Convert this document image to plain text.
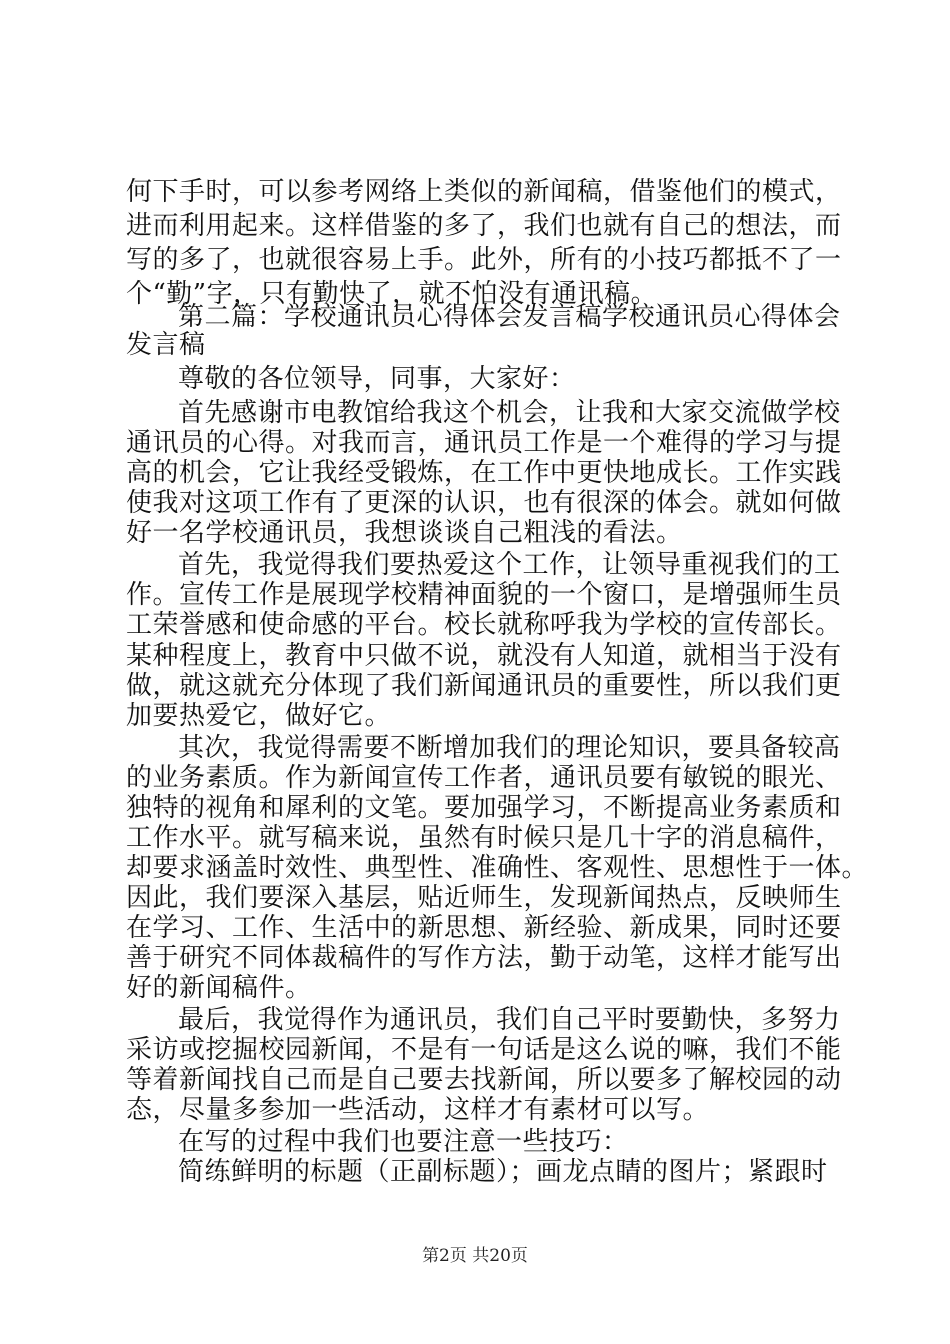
何下手时，可以参考网络上类似的新闻稿，借鉴他们的模式，
进而利用起来。这样借鉴的多了，我们也就有自己的想法，而
写的多了，也就很容易上手。此外，所有的小技巧都抵不了一
个“勤”字，只有勤快了，就不怕没有通讯稿。
第二篇：学校通讯员心得体会发言稿学校通讯员心得体会
发言稿
尊敬的各位领导，同事，大家好：
首先感谢市电教馆给我这个机会，让我和大家交流做学校
通讯员的心得。对我而言，通讯员工作是一个难得的学习与提
高的机会，它让我经受锻炼，在工作中更快地成长。工作实践
使我对这项工作有了更深的认识，也有很深的体会。就如何做
好一名学校通讯员，我想谈谈自己粗浅的看法。
首先，我觉得我们要热爱这个工作，让领导重视我们的工
作。宣传工作是展现学校精神面貌的一个窗口，是增强师生员
工荣誉感和使命感的平台。校长就称呼我为学校的宣传部长。
某种程度上，教育中只做不说，就没有人知道，就相当于没有
做，就这就充分体现了我们新闻通讯员的重要性，所以我们更
加要热爱它，做好它。
其次，我觉得需要不断增加我们的理论知识，要具备较高
的业务素质。作为新闻宣传工作者，通讯员要有敏锐的眼光、
独特的视角和犀利的文笔。要加强学习，不断提高业务素质和
工作水平。就写稿来说，虽然有时候只是几十字的消息稿件，
却要求涵盖时效性、典型性、准确性、客观性、思想性于一体。
因此，我们要深入基层，贴近师生，发现新闻热点，反映师生
在学习、工作、生活中的新思想、新经验、新成果，同时还要
善于研究不同体裁稿件的写作方法，勤于动笔，这样才能写出
好的新闻稿件。
最后，我觉得作为通讯员，我们自己平时要勤快，多努力
采访或挖掘校园新闻，不是有一句话是这么说的嘛，我们不能
等着新闻找自己而是自己要去找新闻，所以要多了解校园的动
态，尽量多参加一些活动，这样才有素材可以写。
在写的过程中我们也要注意一些技巧：
简练鲜明的标题（正副标题）；画龙点睛的图片；紧跟时
第2页 共20页
